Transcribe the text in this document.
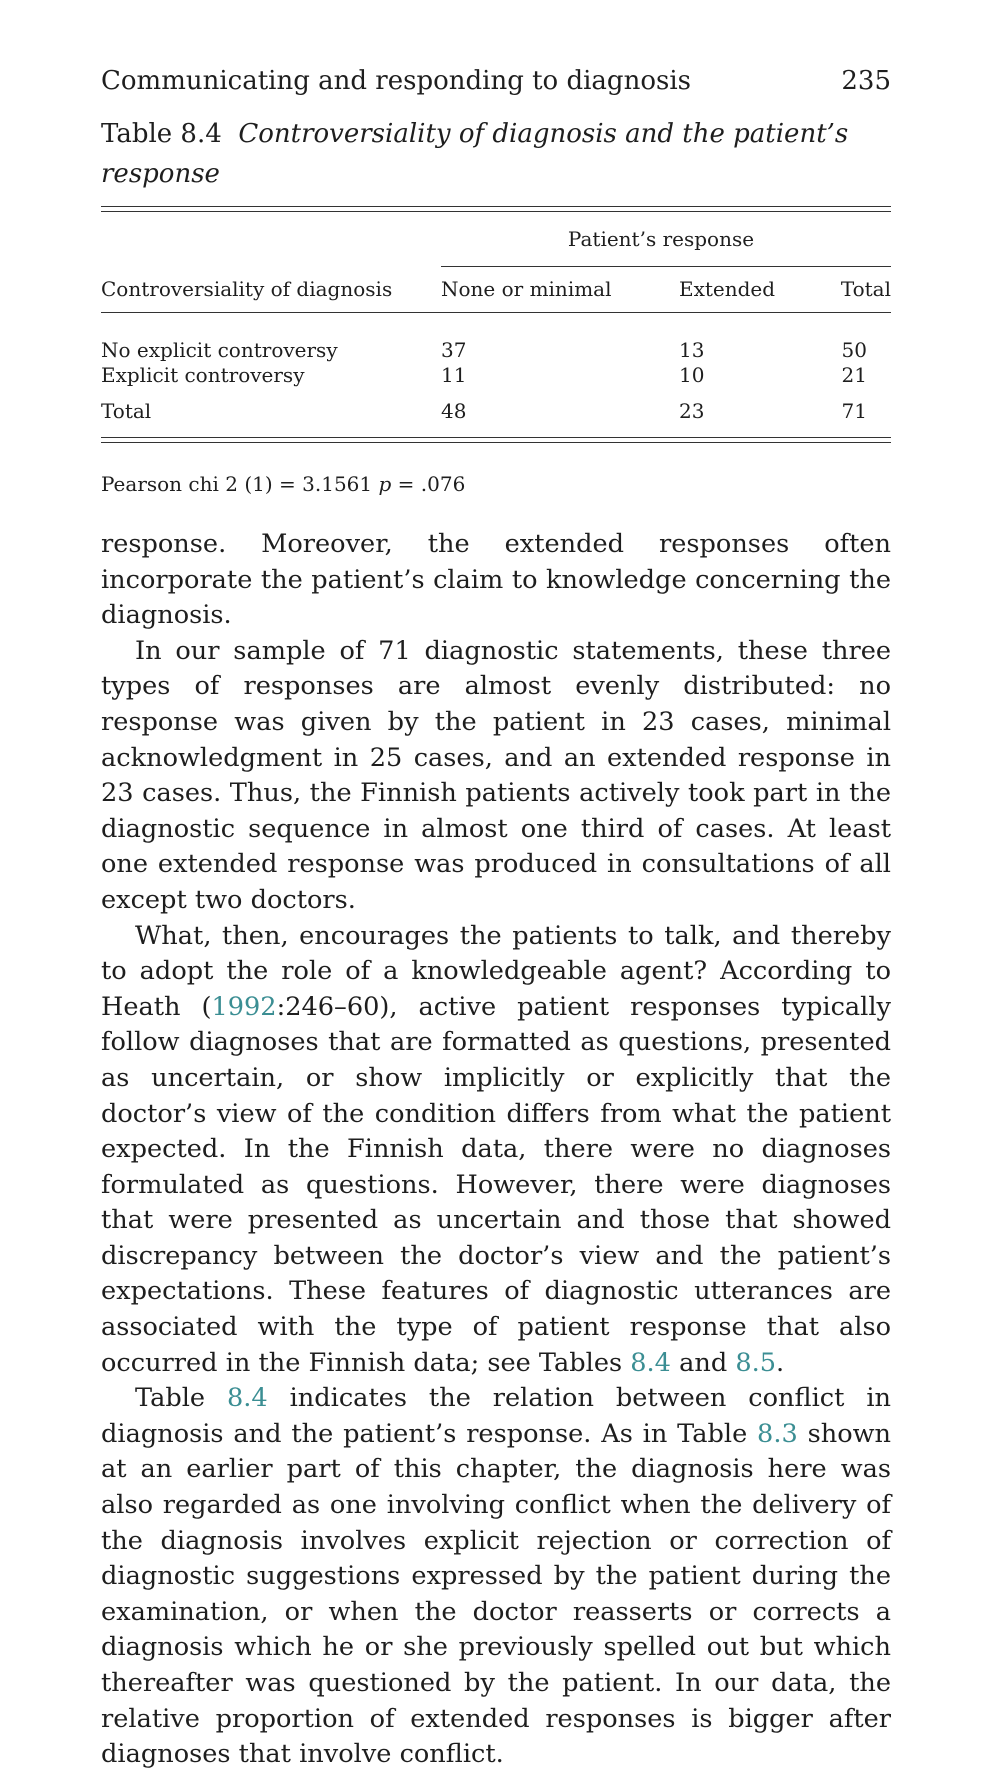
Communicating and responding to diagnosis	235
Table 8.4 Controversiality of diagnosis and the patient’s response
	Patient’s response		

Controversiality of diagnosis	None or minimal	Extended	Total

No explicit controversy	37	13	50
Explicit controversy	11	10	21
Total	48	23	71

Pearson chi 2 (1) = 3.1561 p = .076

response. Moreover, the extended responses often incorporate the patient’s claim to knowledge concerning the diagnosis.

In our sample of 71 diagnostic statements, these three types of responses are almost evenly distributed: no response was given by the patient in 23 cases, minimal acknowledgment in 25 cases, and an extended response in 23 cases. Thus, the Finnish patients actively took part in the diagnostic sequence in almost one third of cases. At least one extended response was produced in consultations of all except two doctors.

What, then, encourages the patients to talk, and thereby to adopt the role of a knowledgeable agent? According to Heath (1992:246–60), active patient responses typically follow diagnoses that are formatted as questions, presented as uncertain, or show implicitly or explicitly that the doctor’s view of the condition differs from what the patient expected. In the Finnish data, there were no diagnoses formulated as questions. However, there were diagnoses that were presented as uncertain and those that showed discrepancy between the doctor’s view and the patient’s expectations. These features of diagnostic utterances are associated with the type of patient response that also occurred in the Finnish data; see Tables 8.4 and 8.5.

Table 8.4 indicates the relation between conflict in diagnosis and the patient’s response. As in Table 8.3 shown at an earlier part of this chapter, the diagnosis here was also regarded as one involving conflict when the delivery of the diagnosis involves explicit rejection or correction of diagnostic suggestions expressed by the patient during the examination, or when the doctor reasserts or corrects a diagnosis which he or she previously spelled out but which thereafter was questioned by the patient. In our data, the relative proportion of extended responses is bigger after diagnoses that involve conflict.
